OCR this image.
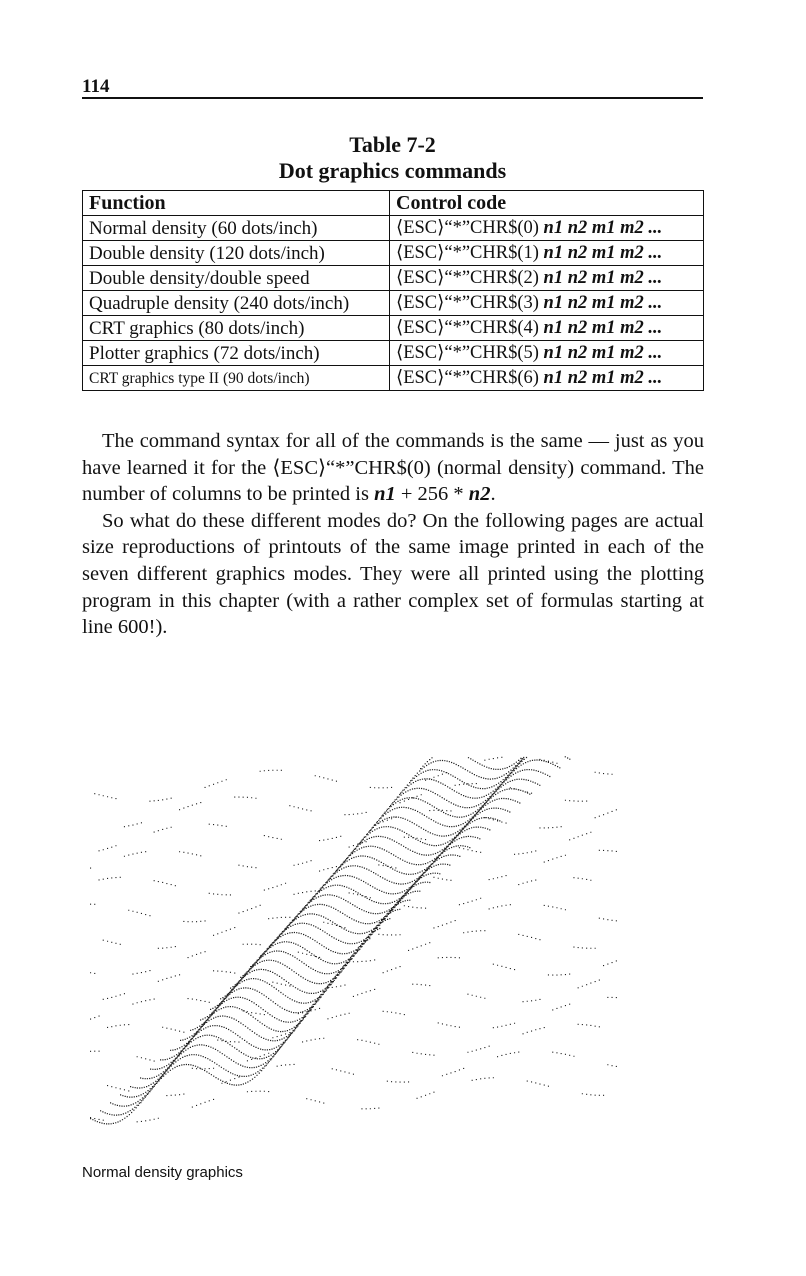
114
Table 7-2
Dot graphics commands
Function	Control code
Normal density (60 dots/inch)	⟨ESC⟩“*”CHR$(0) n1 n2 m1 m2 ...
Double density (120 dots/inch)	⟨ESC⟩“*”CHR$(1) n1 n2 m1 m2 ...
Double density/double speed	⟨ESC⟩“*”CHR$(2) n1 n2 m1 m2 ...
Quadruple density (240 dots/inch)	⟨ESC⟩“*”CHR$(3) n1 n2 m1 m2 ...
CRT graphics (80 dots/inch)	⟨ESC⟩“*”CHR$(4) n1 n2 m1 m2 ...
Plotter graphics (72 dots/inch)	⟨ESC⟩“*”CHR$(5) n1 n2 m1 m2 ...
CRT graphics type II (90 dots/inch)	⟨ESC⟩“*”CHR$(6) n1 n2 m1 m2 ...

The command syntax for all of the commands is the same — just as you have learned it for the ⟨ESC⟩“*”CHR$(0) (normal density) command. The number of columns to be printed is n1 + 256 * n2.

So what do these different modes do? On the following pages are actual size reproductions of printouts of the same image printed in each of the seven different graphics modes. They were all printed using the plotting program in this chapter (with a rather complex set of formulas starting at line 600!).

Normal density graphics
